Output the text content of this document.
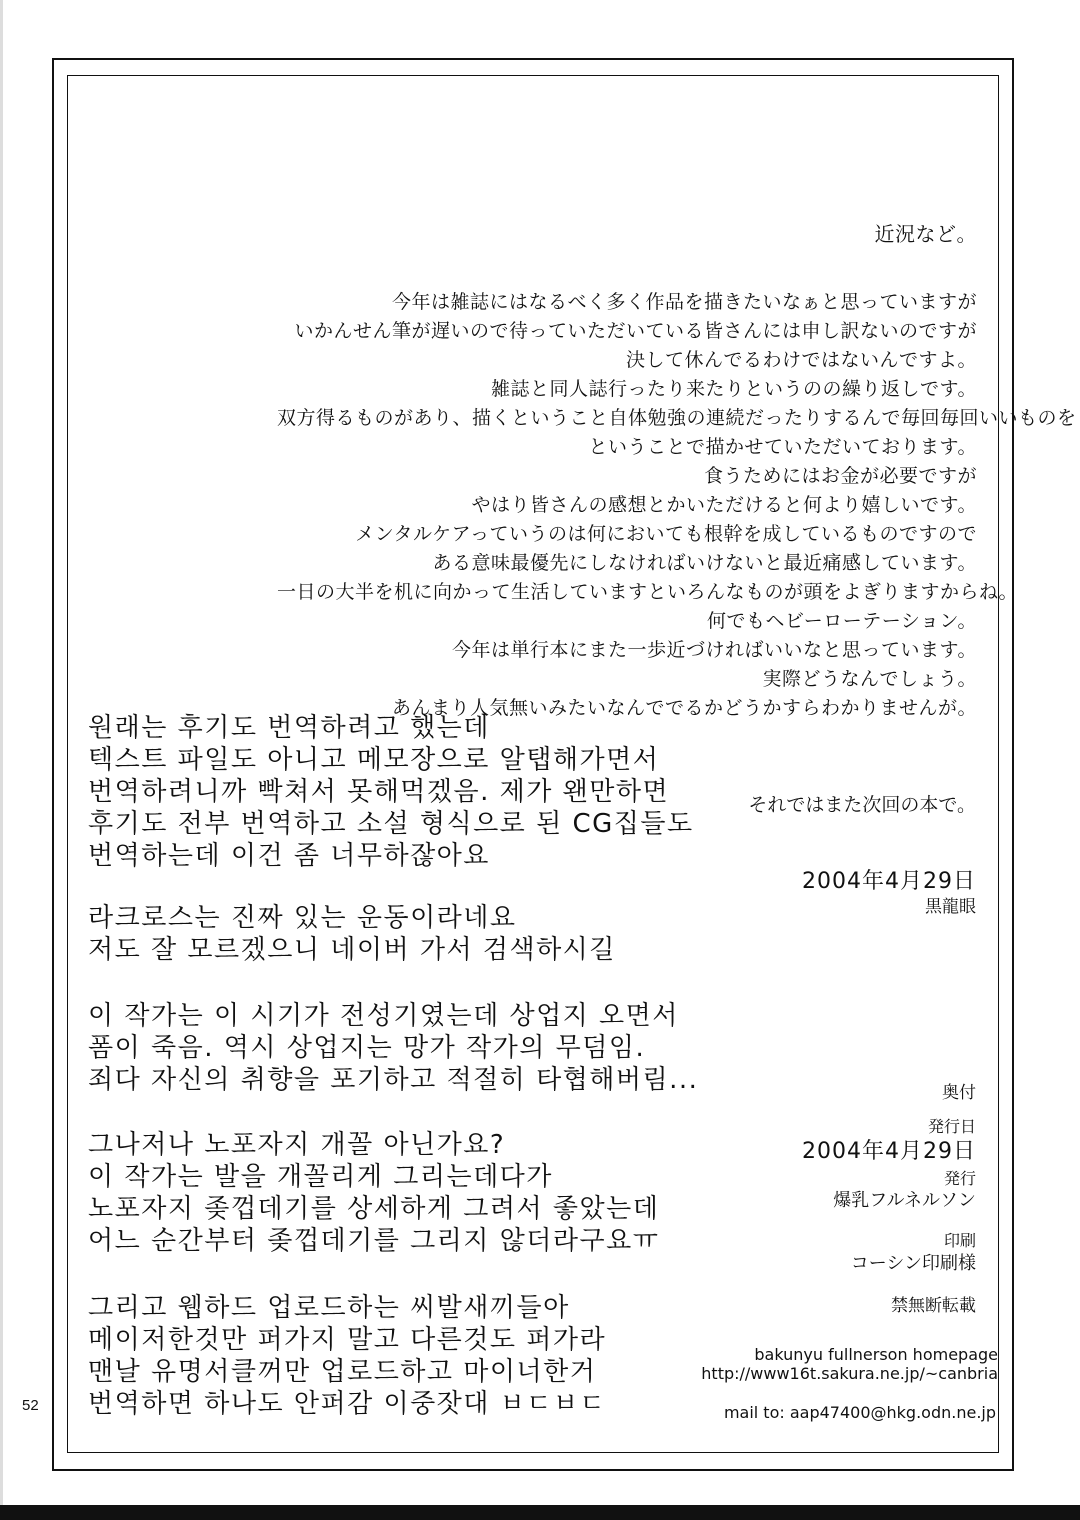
近況など。
今年は雑誌にはなるべく多く作品を描きたいなぁと思っていますが
いかんせん筆が遅いので待っていただいている皆さんには申し訳ないのですが
決して休んでるわけではないんですよ。
雑誌と同人誌行ったり来たりというのの繰り返しです。
双方得るものがあり、描くということ自体勉強の連続だったりするんで毎回毎回いいものを
ということで描かせていただいております。
食うためにはお金が必要ですが
やはり皆さんの感想とかいただけると何より嬉しいです。
メンタルケアっていうのは何においても根幹を成しているものですので
ある意味最優先にしなければいけないと最近痛感しています。
一日の大半を机に向かって生活していますといろんなものが頭をよぎりますからね。
何でもヘビーローテーション。
今年は単行本にまた一歩近づければいいなと思っています。
実際どうなんでしょう。
あんまり人気無いみたいなんででるかどうかすらわかりませんが。
원래는 후기도 번역하려고 했는데
텍스트 파일도 아니고 메모장으로 알탭해가면서
번역하려니까 빡쳐서 못해먹겠음. 제가 왠만하면
후기도 전부 번역하고 소설 형식으로 된 CG집들도
번역하는데 이건 좀 너무하잖아요
라크로스는 진짜 있는 운동이라네요
저도 잘 모르겠으니 네이버 가서 검색하시길
이 작가는 이 시기가 전성기였는데 상업지 오면서
폼이 죽음. 역시 상업지는 망가 작가의 무덤임.
죄다 자신의 취향을 포기하고 적절히 타협해버림...
그나저나 노포자지 개꼴 아닌가요?
이 작가는 발을 개꼴리게 그리는데다가
노포자지 좆껍데기를 상세하게 그려서 좋았는데
어느 순간부터 좆껍데기를 그리지 않더라구요ㅠ
그리고 웹하드 업로드하는 씨발새끼들아
메이저한것만 퍼가지 말고 다른것도 퍼가라
맨날 유명서클꺼만 업로드하고 마이너한거
번역하면 하나도 안퍼감 이중잣대 ㅂㄷㅂㄷ
それではまた次回の本で。
2004年4月29日
黒龍眼
奥付
発行日
2004年4月29日
発行
爆乳フルネルソン
印刷
コーシン印刷様
禁無断転載
bakunyu fullnerson homepage
http://www16t.sakura.ne.jp/~canbria
mail to: aap47400@hkg.odn.ne.jp
52
